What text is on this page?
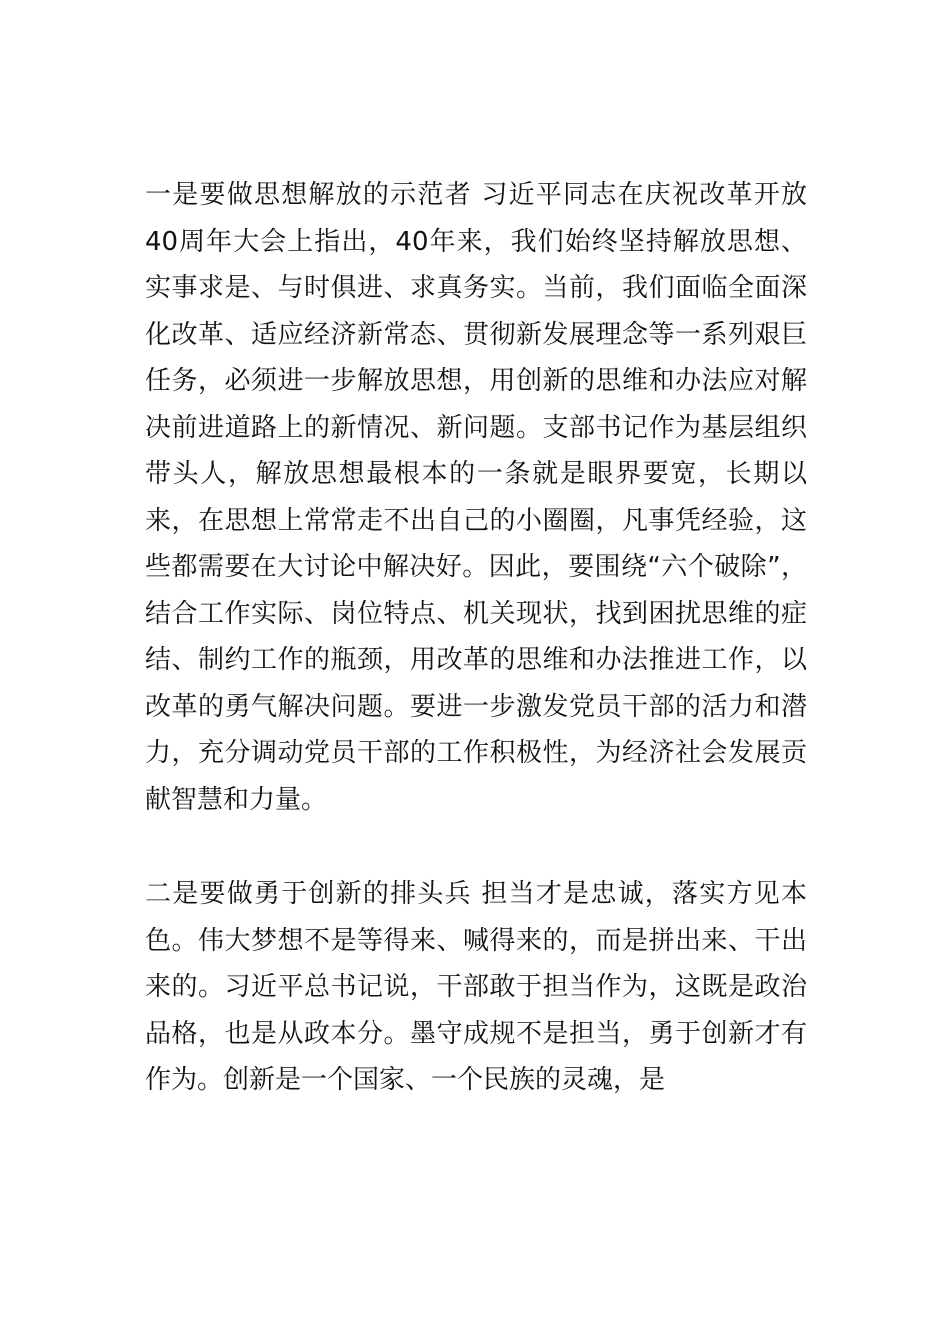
一是要做思想解放的示范者 习近平同志在庆祝改革开放40周年大会上指出，40年来，我们始终坚持解放思想、实事求是、与时俱进、求真务实。当前，我们面临全面深化改革、适应经济新常态、贯彻新发展理念等一系列艰巨任务，必须进一步解放思想，用创新的思维和办法应对解决前进道路上的新情况、新问题。支部书记作为基层组织带头人，解放思想最根本的一条就是眼界要宽，长期以来，在思想上常常走不出自己的小圈圈，凡事凭经验，这些都需要在大讨论中解决好。因此，要围绕“六个破除”，结合工作实际、岗位特点、机关现状，找到困扰思维的症结、制约工作的瓶颈，用改革的思维和办法推进工作，以改革的勇气解决问题。要进一步激发党员干部的活力和潜力，充分调动党员干部的工作积极性，为经济社会发展贡献智慧和力量。

二是要做勇于创新的排头兵 担当才是忠诚，落实方见本色。伟大梦想不是等得来、喊得来的，而是拼出来、干出来的。习近平总书记说，干部敢于担当作为，这既是政治品格，也是从政本分。墨守成规不是担当，勇于创新才有作为。创新是一个国家、一个民族的灵魂，是
